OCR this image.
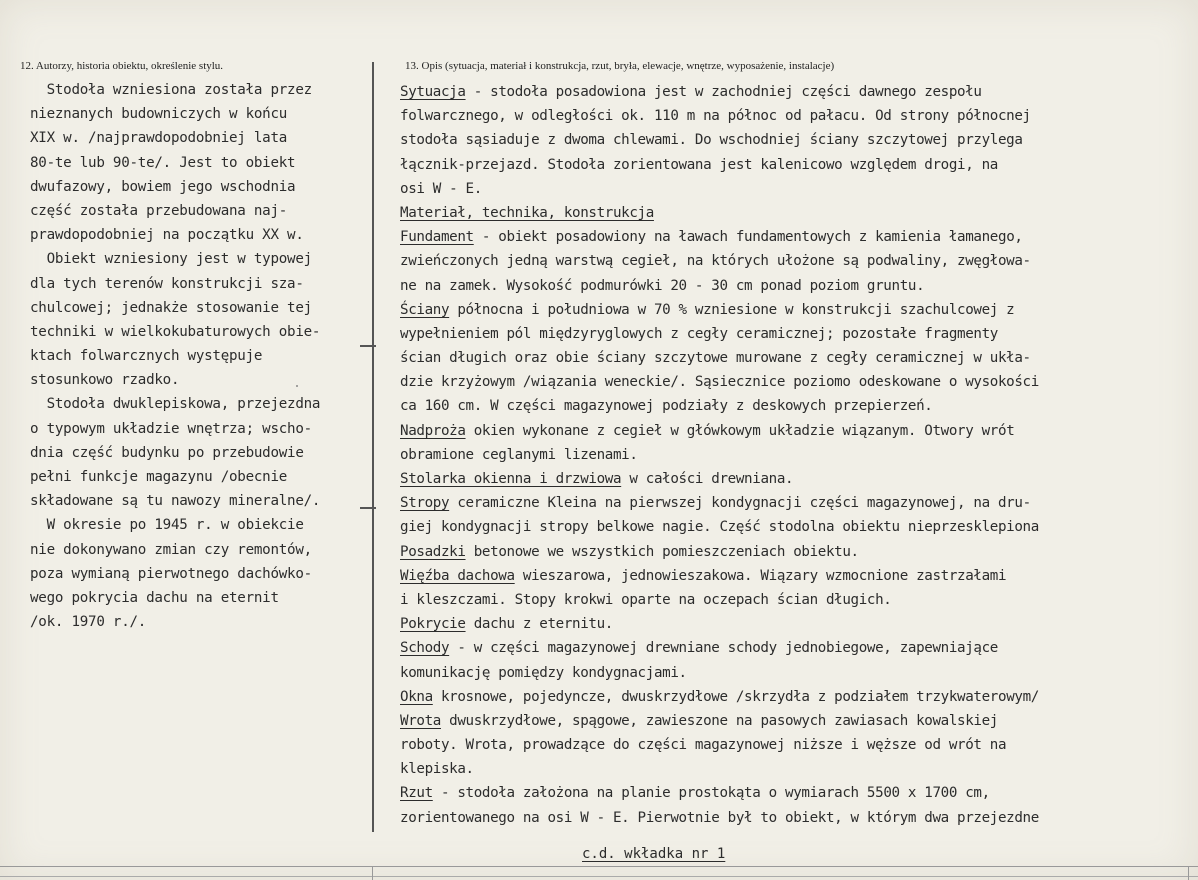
12. Autorzy, historia obiektu, określenie stylu.	13. Opis (sytuacja, materiał i konstrukcja, rzut, bryła, elewacje, wnętrze, wyposażenie, instalacje)
Stodoła wzniesiona została przez
nieznanych budowniczych w końcu
XIX w. /najprawdopodobniej lata
80-te lub 90-te/. Jest to obiekt
dwufazowy, bowiem jego wschodnia
część została przebudowana naj-
prawdopodobniej na początku XX w.
Obiekt wzniesiony jest w typowej
dla tych terenów konstrukcji sza-
chulcowej; jednakże stosowanie tej
techniki w wielkokubaturowych obie-
ktach folwarcznych występuje
stosunkowo rzadko.
Stodoła dwuklepiskowa, przejezdna
o typowym układzie wnętrza; wscho-
dnia część budynku po przebudowie
pełni funkcje magazynu /obecnie
składowane są tu nawozy mineralne/.
W okresie po 1945 r. w obiekcie
nie dokonywano zmian czy remontów,
poza wymianą pierwotnego dachówko-
wego pokrycia dachu na eternit
/ok. 1970 r./.
Sytuacja - stodoła posadowiona jest w zachodniej części dawnego zespołu
folwarcznego, w odległości ok. 110 m na północ od pałacu. Od strony północnej
stodoła sąsiaduje z dwoma chlewami. Do wschodniej ściany szczytowej przylega
łącznik-przejazd. Stodoła zorientowana jest kalenicowo względem drogi, na
osi W - E.
Materiał, technika, konstrukcja
Fundament - obiekt posadowiony na ławach fundamentowych z kamienia łamanego,
zwieńczonych jedną warstwą cegieł, na których ułożone są podwaliny, zwęgłowa-
ne na zamek. Wysokość podmurówki 20 - 30 cm ponad poziom gruntu.
Ściany północna i południowa w 70 % wzniesione w konstrukcji szachulcowej z
wypełnieniem pól międzyryglowych z cegły ceramicznej; pozostałe fragmenty
ścian długich oraz obie ściany szczytowe murowane z cegły ceramicznej w ukła-
dzie krzyżowym /wiązania weneckie/. Sąsiecznice poziomo odeskowane o wysokości
ca 160 cm. W części magazynowej podziały z deskowych przepierzeń.
Nadproża okien wykonane z cegieł w główkowym układzie wiązanym. Otwory wrót
obramione ceglanymi lizenami.
Stolarka okienna i drzwiowa w całości drewniana.
Stropy ceramiczne Kleina na pierwszej kondygnacji części magazynowej, na dru-
giej kondygnacji stropy belkowe nagie. Część stodolna obiektu nieprzesklepiona
Posadzki betonowe we wszystkich pomieszczeniach obiektu.
Więźba dachowa wieszarowa, jednowieszakowa. Wiązary wzmocnione zastrzałami
i kleszczami. Stopy krokwi oparte na oczepach ścian długich.
Pokrycie dachu z eternitu.
Schody - w części magazynowej drewniane schody jednobiegowe, zapewniające
komunikację pomiędzy kondygnacjami.
Okna krosnowe, pojedyncze, dwuskrzydłowe /skrzydła z podziałem trzykwaterowym/
Wrota dwuskrzydłowe, spągowe, zawieszone na pasowych zawiasach kowalskiej
roboty. Wrota, prowadzące do części magazynowej niższe i węższe od wrót na
klepiska.
Rzut - stodoła założona na planie prostokąta o wymiarach 5500 x 1700 cm,
zorientowanego na osi W - E. Pierwotnie był to obiekt, w którym dwa przejezdne
c.d. wkładka nr 1
